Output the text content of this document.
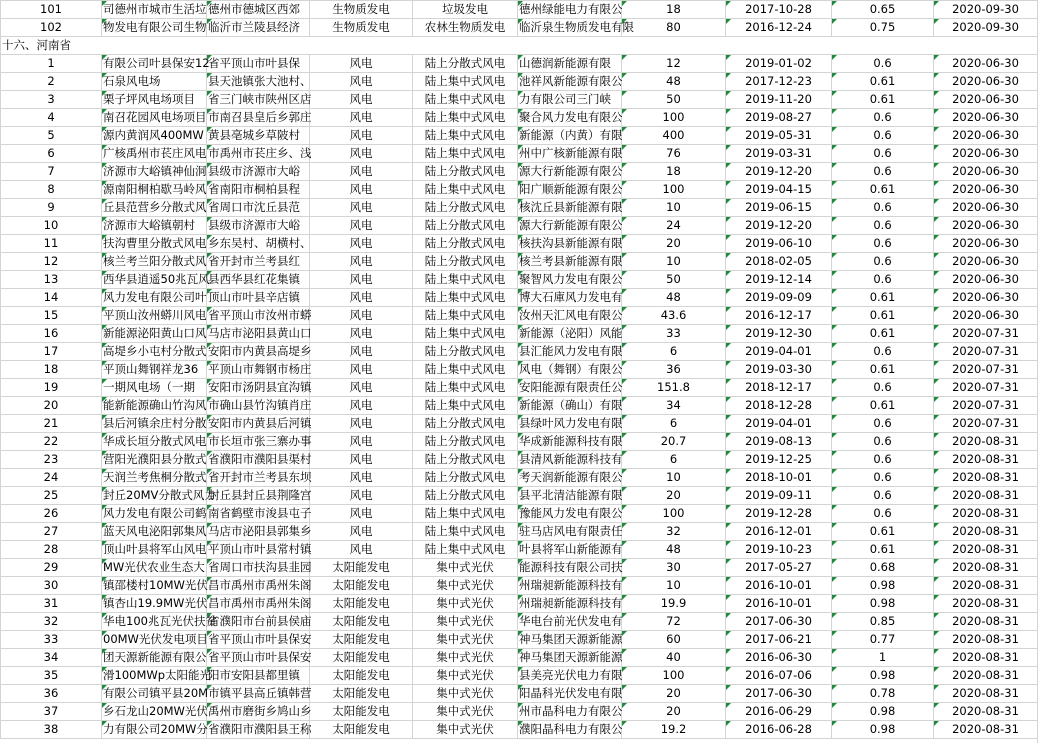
101	司德州市城市生活垃	德州市德城区西郊	生物质发电	垃圾发电	德州绿能电力有限公	18	2017-10-28	0.65	2020-09-30
102	物发电有限公司生物	临沂市兰陵县经济	生物质发电	农林生物质发电	临沂泉生物质发电有限	80	2016-12-24	0.75	2020-09-30
十六、河南省									
1	有限公司叶县保安12	省平顶山市叶县保	风电	陆上分散式风电	山德润新能源有限	12	2019-01-02	0.6	2020-06-30
2	石泉风电场	县天池镇张大池村、	风电	陆上集中式风电	池祥风新能源有限公	48	2017-12-23	0.61	2020-06-30
3	栗子坪风电场项目	省三门峡市陕州区店	风电	陆上集中式风电	力有限公司三门峡	50	2019-11-20	0.61	2020-06-30
4	南召花园风电场项目	市南召县皇后乡郭庄	风电	陆上集中式风电	聚合风力发电有限公	100	2019-08-27	0.6	2020-06-30
5	源内黄润风400MW	黄县亳城乡草陂村	风电	陆上集中式风电	新能源（内黄）有限	400	2019-05-31	0.6	2020-06-30
6	广核禹州市苌庄风电	市禹州市苌庄乡、浅	风电	陆上集中式风电	州中广核新能源有限	76	2019-03-31	0.6	2020-06-30
7	济源市大峪镇神仙洞	县级市济源市大峪	风电	陆上分散式风电	源大行新能源有限公	18	2019-12-20	0.6	2020-06-30
8	源南阳桐柏歇马岭风	省南阳市桐柏县程	风电	陆上集中式风电	阳广顺新能源有限公	100	2019-04-15	0.61	2020-06-30
9	丘县范营乡分散式风	省周口市沈丘县范	风电	陆上分散式风电	核沈丘县新能源有限	10	2019-06-15	0.6	2020-06-30
10	济源市大峪镇朝村	县级市济源市大峪	风电	陆上分散式风电	源大行新能源有限公	24	2019-12-20	0.6	2020-06-30
11	扶沟曹里分散式风电	乡东吴村、胡横村、	风电	陆上分散式风电	核扶沟县新能源有限	20	2019-06-10	0.6	2020-06-30
12	核兰考兰阳分散式风	省开封市兰考县红	风电	陆上分散式风电	核兰考县新能源有限	10	2018-02-05	0.6	2020-06-30
13	西华县逍遥50兆瓦风	县西华县红花集镇	风电	陆上集中式风电	聚智风力发电有限公	50	2019-12-14	0.6	2020-06-30
14	风力发电有限公司叶	顶山市叶县辛店镇	风电	陆上集中式风电	博大石庫风力发电有	48	2019-09-09	0.61	2020-06-30
15	平顶山汝州蟒川风电	省平顶山市汝州市蟒	风电	陆上集中式风电	汝州天汇风电有限公	43.6	2016-12-17	0.61	2020-06-30
16	新能源泌阳黄山口风	马店市泌阳县黄山口	风电	陆上集中式风电	新能源（泌阳）风能	33	2019-12-30	0.61	2020-07-31
17	高堤乡小屯村分散式	安阳市内黄县高堤乡	风电	陆上分散式风电	县汇能风力发电有限	6	2019-04-01	0.6	2020-07-31
18	平顶山舞钢祥龙36	平顶山市舞钢市杨庄	风电	陆上集中式风电	风电（舞钢）有限公	36	2019-03-30	0.61	2020-07-31
19	一期风电场（一期	安阳市汤阴县宜沟镇	风电	陆上集中式风电	安阳能源有限责任公	151.8	2018-12-17	0.6	2020-07-31
20	能新能源确山竹沟风	市确山县竹沟镇肖庄	风电	陆上集中式风电	新能源（确山）有限	34	2018-12-28	0.61	2020-07-31
21	县后河镇余庄村分散	安阳市内黄县后河镇	风电	陆上分散式风电	县绿叶风力发电有限	6	2019-04-01	0.6	2020-07-31
22	华成长垣分散式风电	市长垣市张三寨办事	风电	陆上分散式风电	华成新能源科技有限	20.7	2019-08-13	0.6	2020-08-31
23	营阳光濮阳县分散式	省濮阳市濮阳县渠村	风电	陆上分散式风电	县清风新能源科技有	6	2019-12-25	0.6	2020-08-31
24	天润兰考焦桐分散式	省开封市兰考县东坝	风电	陆上分散式风电	考天润新能源有限公	10	2018-10-01	0.6	2020-08-31
25	封丘20MV分散式风力	封丘县封丘县荆隆宫	风电	陆上分散式风电	县平北清洁能源有限	20	2019-09-11	0.6	2020-08-31
26	风力发电有限公司鹤	南省鹤壁市浚县屯子	风电	陆上集中式风电	豫能风力发电有限公	100	2019-12-28	0.6	2020-08-31
27	蓝天风电泌阳郭集风	马店市泌阳县郭集乡	风电	陆上集中式风电	驻马店风电有限责任	32	2016-12-01	0.61	2020-08-31
28	顶山叶县将军山风电	平顶山市叶县常村镇	风电	陆上集中式风电	叶县将军山新能源有	48	2019-10-23	0.61	2020-08-31
29	MW光伏农业生态大	省周口市扶沟县韭园	太阳能发电	集中式光伏	能源科技有限公司扶	30	2017-05-27	0.68	2020-08-31
30	镇邵楼村10MW光伏	昌市禹州市禹州朱阁	太阳能发电	集中式光伏	州瑞昶新能源科技有	10	2016-10-01	0.98	2020-08-31
31	镇杏山19.9MW光伏	昌市禹州市禹州朱阁	太阳能发电	集中式光伏	州瑞昶新能源科技有	19.9	2016-10-01	0.98	2020-08-31
32	华电100兆瓦光伏扶贫	省濮阳市台前县侯庙	太阳能发电	集中式光伏	华电台前光伏发电有	72	2017-06-30	0.85	2020-08-31
33	00MW光伏发电项目	省平顶山市叶县保安	太阳能发电	集中式光伏	神马集团天源新能源	60	2017-06-21	0.77	2020-08-31
34	团天源新能源有限公	省平顶山市叶县保安	太阳能发电	集中式光伏	神马集团天源新能源	40	2016-06-30	1	2020-08-31
35	滑100MWp太阳能光	阳市安阳县都里镇	太阳能发电	集中式光伏	县美亮光伏电力有限	100	2016-07-06	0.98	2020-08-31
36	有限公司镇平县20M	市镇平县高丘镇韩营	太阳能发电	集中式光伏	阳晶科光伏发电有限	20	2017-06-30	0.78	2020-08-31
37	乡石龙山20MW光伏	禹州市磨街乡鸠山乡	太阳能发电	集中式光伏	州市晶科电力有限公	20	2016-06-29	0.98	2020-08-31
38	力有限公司20MW分	省濮阳市濮阳县王称	太阳能发电	集中式光伏	濮阳晶科电力有限公	19.2	2016-06-28	0.98	2020-08-31
